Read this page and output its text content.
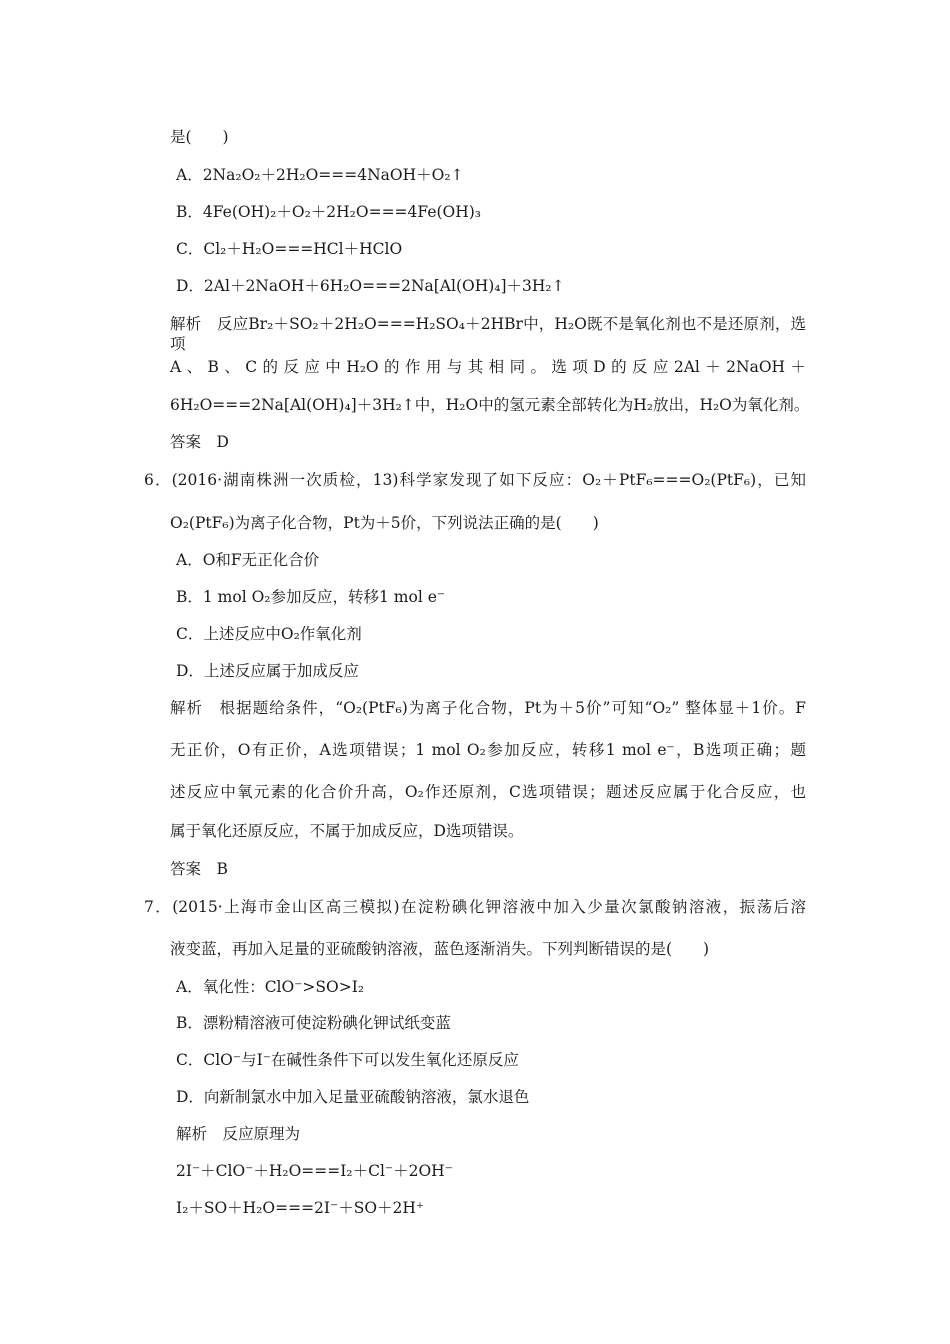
是(　　)
A．2Na₂O₂＋2H₂O===4NaOH＋O₂↑
B．4Fe(OH)₂＋O₂＋2H₂O===4Fe(OH)₃
C．Cl₂＋H₂O===HCl＋HClO
D．2Al＋2NaOH＋6H₂O===2Na[Al(OH)₄]＋3H₂↑
解析　反应Br₂＋SO₂＋2H₂O===H₂SO₄＋2HBr中，H₂O既不是氧化剂也不是还原剂，选项
A、B、C的反应中H₂O的作用与其相同。选项D的反应2Al＋2NaOH＋
6H₂O===2Na[Al(OH)₄]＋3H₂↑中，H₂O中的氢元素全部转化为H₂放出，H₂O为氧化剂。
答案　D
6．(2016·湖南株洲一次质检，13)科学家发现了如下反应：O₂＋PtF₆===O₂(PtF₆)，已知
O₂(PtF₆)为离子化合物，Pt为＋5价，下列说法正确的是(　　)
A．O和F无正化合价
B．1 mol O₂参加反应，转移1 mol e⁻
C．上述反应中O₂作氧化剂
D．上述反应属于加成反应
解析　根据题给条件，“O₂(PtF₆)为离子化合物，Pt为＋5价”可知“O₂” 整体显＋1价。F
无正价，O有正价，A选项错误；1 mol O₂参加反应，转移1 mol e⁻，B选项正确；题
述反应中氧元素的化合价升高，O₂作还原剂，C选项错误；题述反应属于化合反应，也
属于氧化还原反应，不属于加成反应，D选项错误。
答案　B
7．(2015·上海市金山区高三模拟)在淀粉碘化钾溶液中加入少量次氯酸钠溶液，振荡后溶
液变蓝，再加入足量的亚硫酸钠溶液，蓝色逐渐消失。下列判断错误的是(　　)
A．氧化性：ClO⁻>SO>I₂
B．漂粉精溶液可使淀粉碘化钾试纸变蓝
C．ClO⁻与I⁻在碱性条件下可以发生氧化还原反应
D．向新制氯水中加入足量亚硫酸钠溶液，氯水退色
解析　反应原理为
2I⁻＋ClO⁻＋H₂O===I₂＋Cl⁻＋2OH⁻
I₂＋SO＋H₂O===2I⁻＋SO＋2H⁺
